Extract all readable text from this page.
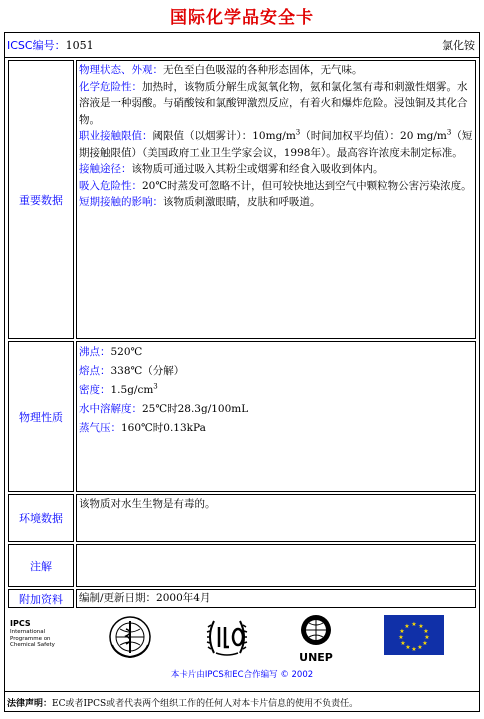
国际化学品安全卡
ICSC编号：1051	氯化铵
重要数据
物理状态、外观：无色至白色吸湿的各种形态固体，无气味。
化学危险性：加热时，该物质分解生成氮氧化物，氨和氯化氢有毒和刺激性烟雾。水溶液是一种弱酸。与硝酸铵和氯酸钾激烈反应，有着火和爆炸危险。浸蚀铜及其化合物。
职业接触限值：阈限值（以烟雾计）：$10mg/m^3$（时间加权平均值）：20 $mg/m^3$（短期接触限值）（美国政府工业卫生学家会议，1998年）。最高容许浓度未制定标准。
接触途径：该物质可通过吸入其粉尘或烟雾和经食入吸收到体内。
吸入危险性：20℃时蒸发可忽略不计，但可较快地达到空气中颗粒物公害污染浓度。
短期接触的影响：该物质刺激眼睛，皮肤和呼吸道。
物理性质
沸点：520℃
熔点：338℃（分解）
密度：$1.5g/cm^3$
水中溶解度：25℃时28.3g/100mL
蒸气压：160℃时0.13kPa
环境数据
该物质对水生生物是有毒的。
注解
附加资料	编制/更新日期：2000年4月
IPCS
International
Programme on
Chemical Safety
UNEP
★ ★
★
★
★
★
★
★
★
★
★
★
本卡片由IPCS和EC合作编写 © 2002
法律声明：EC或者IPCS或者代表两个组织工作的任何人对本卡片信息的使用不负责任。
